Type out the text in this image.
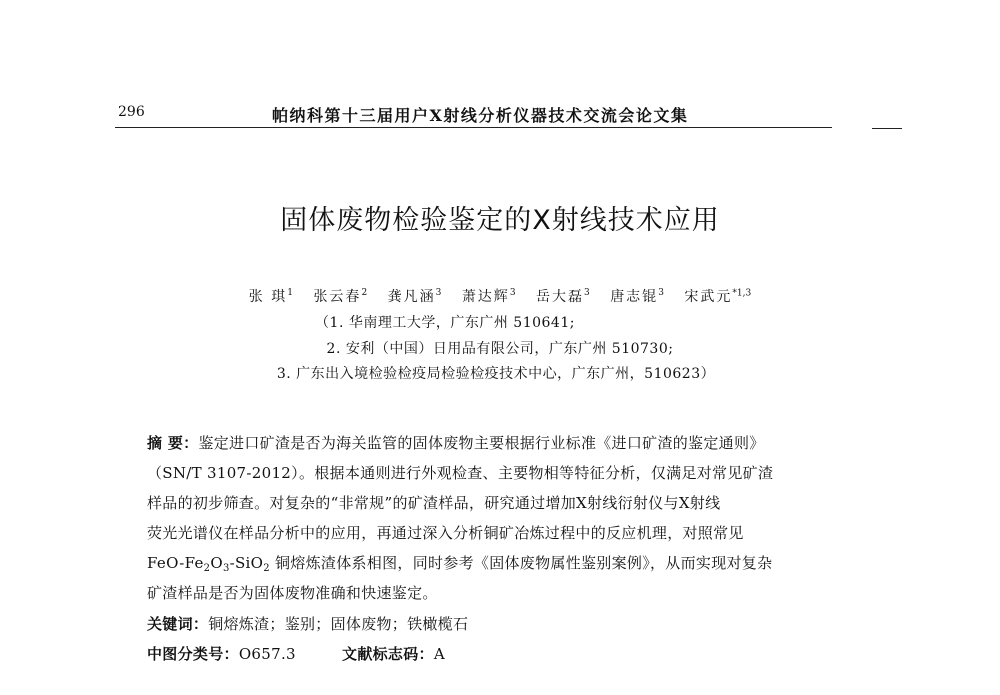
296	帕纳科第十三届用户X射线分析仪器技术交流会论文集
固体废物检验鉴定的X射线技术应用
张 琪$^1$ 张云春$^2$ 龚凡涵$^3$ 萧达辉$^3$ 岳大磊$^3$ 唐志锟$^3$ 宋武元$^{*1,3}$
（1. 华南理工大学，广东广州 510641;
2. 安利（中国）日用品有限公司，广东广州 510730;
3. 广东出入境检验检疫局检验检疫技术中心，广东广州，510623）
摘 要：鉴定进口矿渣是否为海关监管的固体废物主要根据行业标准《进口矿渣的鉴定通则》
（SN/T 3107-2012）。根据本通则进行外观检查、主要物相等特征分析，仅满足对常见矿渣
样品的初步筛查。对复杂的“非常规”的矿渣样品，研究通过增加X射线衍射仪与X射线
荧光光谱仪在样品分析中的应用，再通过深入分析铜矿冶炼过程中的反应机理，对照常见
FeO-$Fe_2O_3-SiO_2$ 铜熔炼渣体系相图，同时参考《固体废物属性鉴别案例》，从而实现对复杂
矿渣样品是否为固体废物准确和快速鉴定。
关键词：铜熔炼渣；鉴别；固体废物；铁橄榄石
中图分类号：O657.3	文献标志码：A
